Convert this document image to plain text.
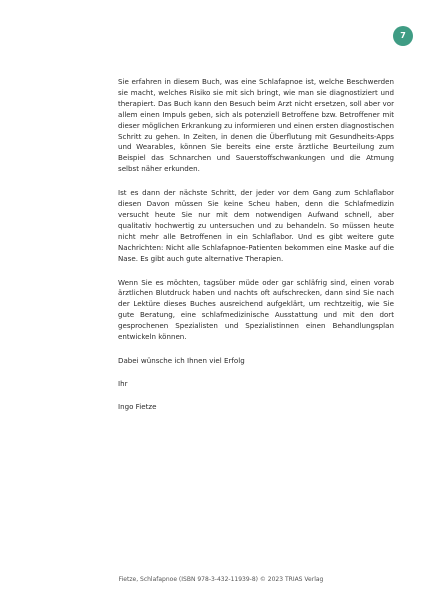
7

Sie erfahren in diesem Buch, was eine Schlafapnoe ist, welche Beschwerden sie macht, welches Risiko sie mit sich bringt, wie man sie diagnostiziert und therapiert. Das Buch kann den Besuch beim Arzt nicht ersetzen, soll aber vor allem einen Impuls geben, sich als potenziell Betroffene bzw. Betroffener mit dieser möglichen Erkrankung zu informieren und einen ersten diagnostischen Schritt zu gehen. In Zeiten, in denen die Überflutung mit Gesundheits-Apps und Wearables, können Sie bereits eine erste ärztliche Beurteilung zum Beispiel das Schnarchen und Sauerstoffschwankungen und die Atmung selbst näher erkunden.

Ist es dann der nächste Schritt, der jeder vor dem Gang zum Schlaflabor diesen Davon müssen Sie keine Scheu haben, denn die Schlafmedizin versucht heute Sie nur mit dem notwendigen Aufwand schnell, aber qualitativ hochwertig zu untersuchen und zu behandeln. So müssen heute nicht mehr alle Betroffenen in ein Schlaflabor. Und es gibt weitere gute Nachrichten: Nicht alle Schlafapnoe-Patienten bekommen eine Maske auf die Nase. Es gibt auch gute alternative Therapien.

Wenn Sie es möchten, tagsüber müde oder gar schläfrig sind, einen vorab ärztlichen Blutdruck haben und nachts oft aufschrecken, dann sind Sie nach der Lektüre dieses Buches ausreichend aufgeklärt, um rechtzeitig, wie Sie gute Beratung, eine schlafmedizinische Ausstattung und mit den dort gesprochenen Spezialisten und Spezialistinnen einen Behandlungsplan entwickeln können.

Dabei wünsche ich Ihnen viel Erfolg

Ihr

Ingo Fietze

Fietze, Schlafapnoe (ISBN 978-3-432-11939-8) © 2023 TRIAS Verlag
